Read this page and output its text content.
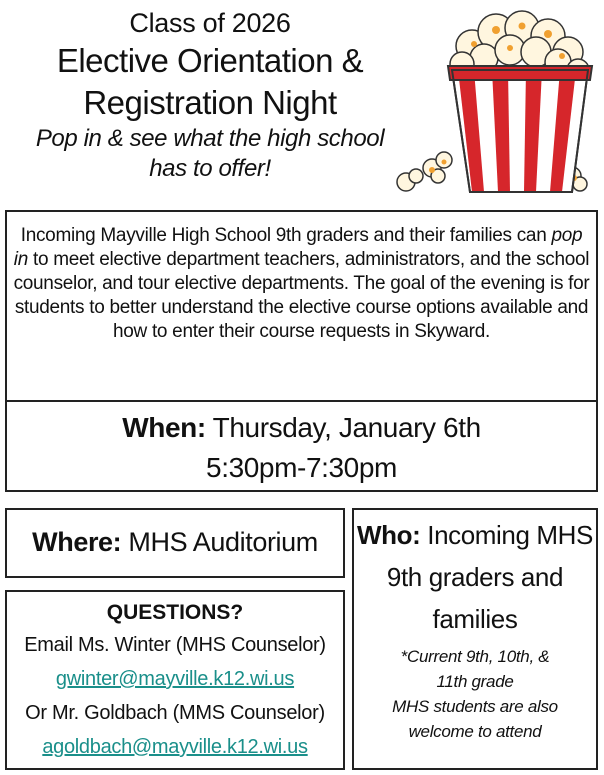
Class of 2026
Elective Orientation &
Registration Night
Pop in & see what the high school
has to offer!
Incoming Mayville High School 9th graders and their families can pop in to meet elective department teachers, administrators, and the school counselor, and tour elective departments. The goal of the evening is for students to better understand the elective course options available and how to enter their course requests in Skyward.
When: Thursday, January 6th
5:30pm-7:30pm
Where: MHS Auditorium	Who: Incoming MHS
9th graders and
families
*Current 9th, 10th, &
11th grade
MHS students are also
welcome to attend
QUESTIONS?
Email Ms. Winter (MHS Counselor)
gwinter@mayville.k12.wi.us
Or Mr. Goldbach (MMS Counselor)
agoldbach@mayville.k12.wi.us
